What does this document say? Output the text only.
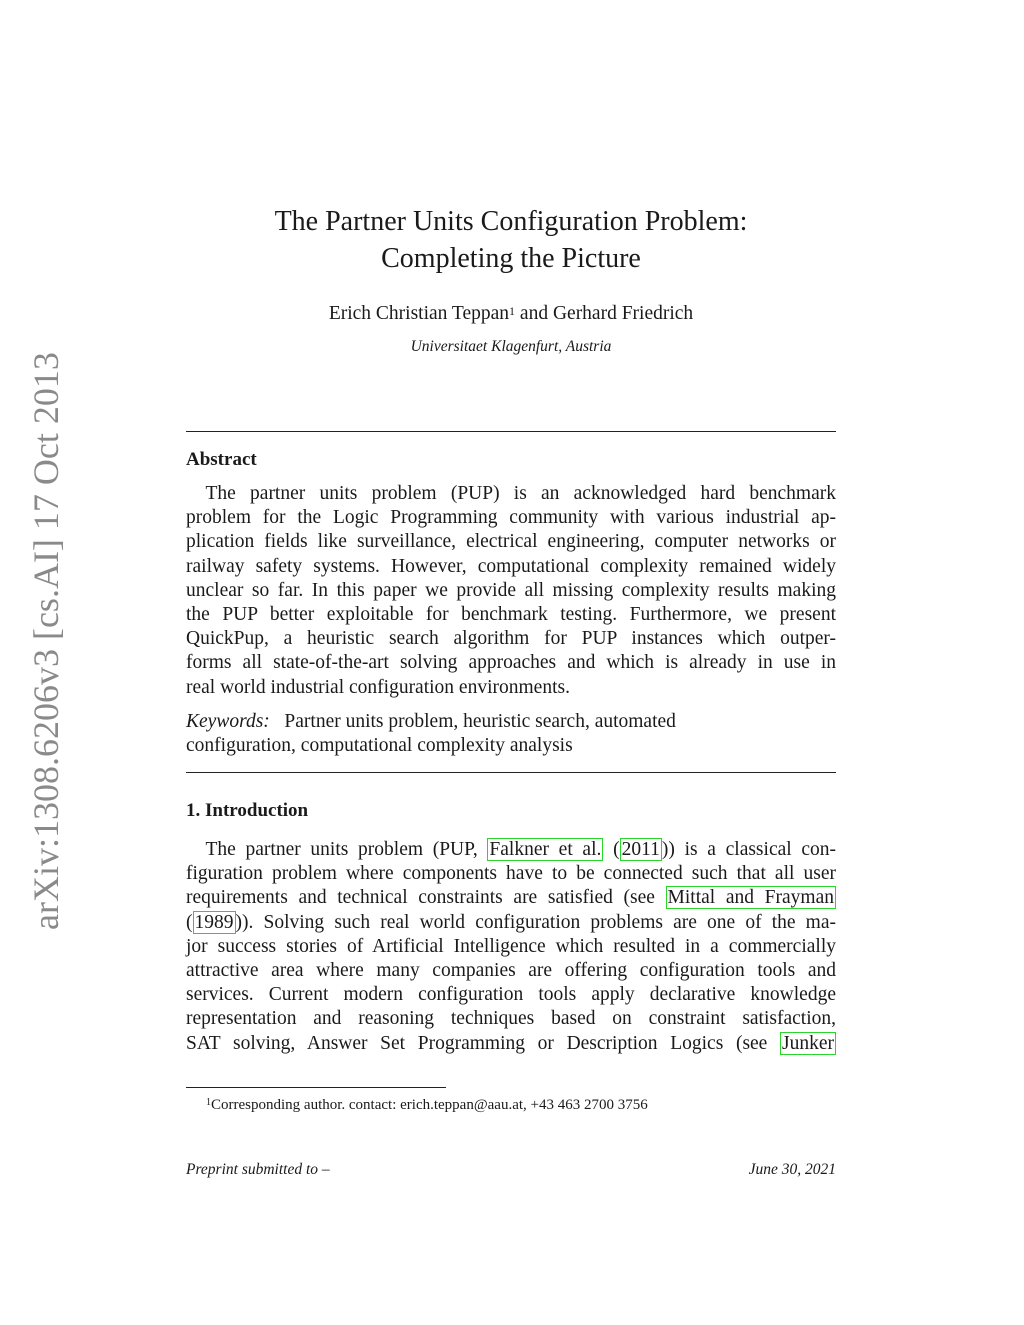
arXiv:1308.6206v3 [cs.AI] 17 Oct 2013
The Partner Units Configuration Problem:
Completing the Picture
Erich Christian Teppan$^1$ and Gerhard Friedrich
Universitaet Klagenfurt, Austria
Abstract
 The partner units problem (PUP) is an acknowledged hard benchmark
problem for the Logic Programming community with various industrial ap-
plication fields like surveillance, electrical engineering, computer networks or
railway safety systems. However, computational complexity remained widely
unclear so far. In this paper we provide all missing complexity results making
the PUP better exploitable for benchmark testing. Furthermore, we present
QuickPup, a heuristic search algorithm for PUP instances which outper-
forms all state-of-the-art solving approaches and which is already in use in
real world industrial configuration environments.
Keywords: Partner units problem, heuristic search, automated
configuration, computational complexity analysis
1. Introduction
 The partner units problem (PUP, Falkner et al. ( 2011 )) is a classical con-
figuration problem where components have to be connected such that all user
requirements and technical constraints are satisfied (see Mittal and Frayman
( 1989 )). Solving such real world configuration problems are one of the ma-
jor success stories of Artificial Intelligence which resulted in a commercially
attractive area where many companies are offering configuration tools and
services. Current modern configuration tools apply declarative knowledge
representation and reasoning techniques based on constraint satisfaction,
SAT solving, Answer Set Programming or Description Logics (see Junker
$^1$Corresponding author. contact: erich.teppan@aau.at, +43 463 2700 3756
Preprint submitted to –	June 30, 2021
